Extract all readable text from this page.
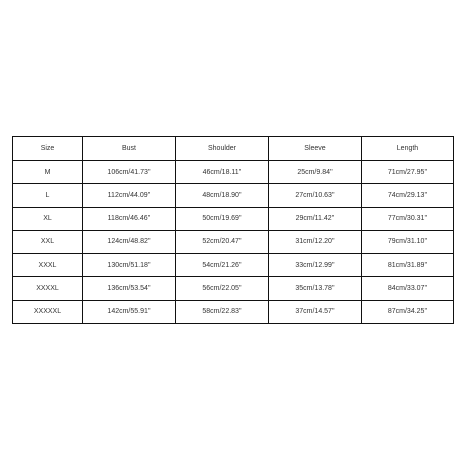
Size	Bust	Shoulder	Sleeve	Length
M	106cm/41.73''	46cm/18.11''	25cm/9.84''	71cm/27.95''
L	112cm/44.09''	48cm/18.90''	27cm/10.63''	74cm/29.13''
XL	118cm/46.46''	50cm/19.69''	29cm/11.42''	77cm/30.31''
XXL	124cm/48.82''	52cm/20.47''	31cm/12.20''	79cm/31.10''
XXXL	130cm/51.18''	54cm/21.26''	33cm/12.99''	81cm/31.89''
XXXXL	136cm/53.54''	56cm/22.05''	35cm/13.78''	84cm/33.07''
XXXXXL	142cm/55.91''	58cm/22.83''	37cm/14.57''	87cm/34.25''
